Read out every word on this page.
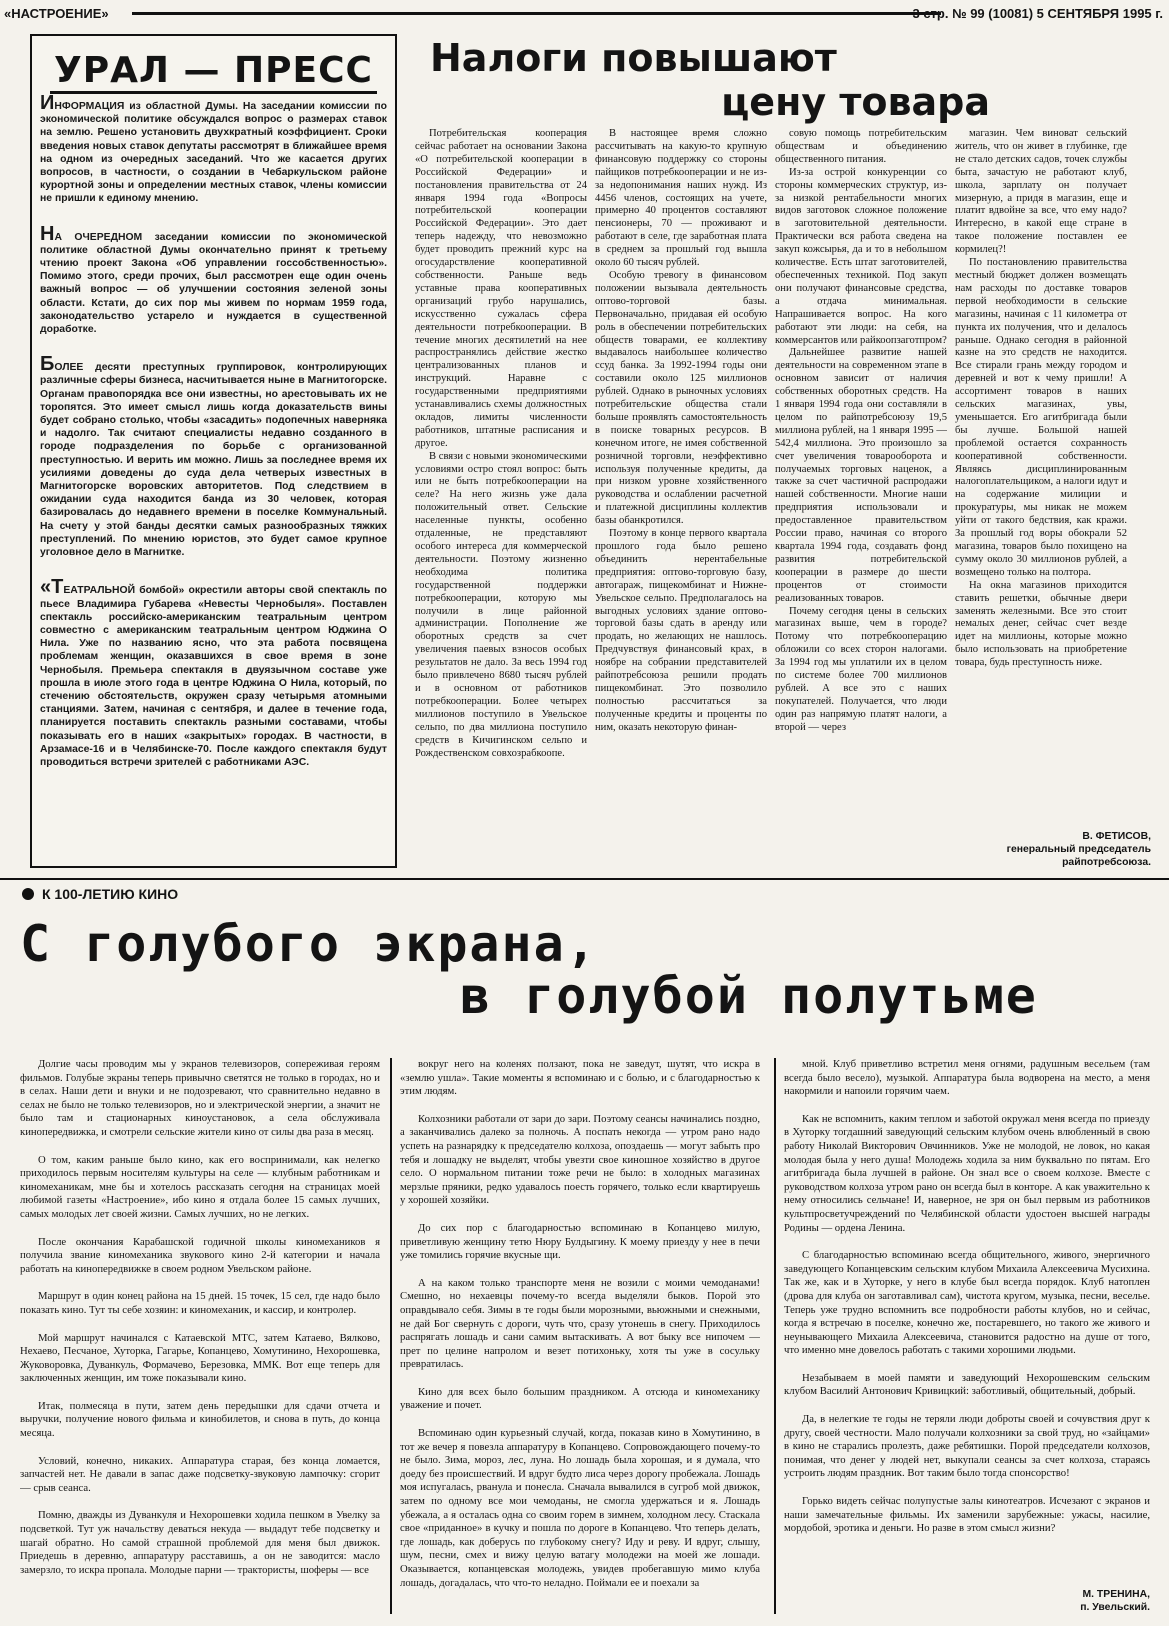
«НАСТРОЕНИЕ»	3 стр. № 99 (10081) 5 СЕНТЯБРЯ 1995 г.
УРАЛ — ПРЕСС

ИНФОРМАЦИЯ из областной Думы. На заседании комиссии по экономической политике обсуждался вопрос о размерах ставок на землю. Решено установить двухкратный коэффициент. Сроки введения новых ставок депутаты рассмотрят в ближайшее время на одном из очередных заседаний. Что же касается других вопросов, в частности, о создании в Чебаркульском районе курортной зоны и определении местных ставок, члены комиссии не пришли к единому мнению.

НА ОЧЕРЕДНОМ заседании комиссии по экономической политике областной Думы окончательно принят к третьему чтению проект Закона «Об управлении госсобственностью». Помимо этого, среди прочих, был рассмотрен еще один очень важный вопрос — об улучшении состояния зеленой зоны области. Кстати, до сих пор мы живем по нормам 1959 года, законодательство устарело и нуждается в существенной доработке.

БОЛЕЕ десяти преступных группировок, контролирующих различные сферы бизнеса, насчитывается ныне в Магнитогорске. Органам правопорядка все они известны, но арестовывать их не торопятся. Это имеет смысл лишь когда доказательств вины будет собрано столько, чтобы «засадить» подопечных наверняка и надолго. Так считают специалисты недавно созданного в городе подразделения по борьбе с организованной преступностью. И верить им можно. Лишь за последнее время их усилиями доведены до суда дела четверых известных в Магнитогорске воровских авторитетов. Под следствием в ожидании суда находится банда из 30 человек, которая базировалась до недавнего времени в поселке Коммунальный. На счету у этой банды десятки самых разнообразных тяжких преступлений. По мнению юристов, это будет самое крупное уголовное дело в Магнитке.

«ТЕАТРАЛЬНОЙ бомбой» окрестили авторы свой спектакль по пьесе Владимира Губарева «Невесты Чернобыля». Поставлен спектакль российско-американским театральным центром совместно с американским театральным центром Юджина О Нила. Уже по названию ясно, что эта работа посвящена проблемам женщин, оказавшихся в свое время в зоне Чернобыля. Премьера спектакля в двуязычном составе уже прошла в июле этого года в центре Юджина О Нила, который, по стечению обстоятельств, окружен сразу четырьмя атомными станциями. Затем, начиная с сентября, и далее в течение года, планируется поставить спектакль разными составами, чтобы показывать его в наших «закрытых» городах. В частности, в Арзамасе-16 и в Челябинске-70. После каждого спектакля будут проводиться встречи зрителей с работниками АЭС.

Налоги повышают
цену товара

Потребительская кооперация сейчас работает на основании Закона «О потребительской кооперации в Российской Федерации» и постановления правительства от 24 января 1994 года «Вопросы потребительской кооперации Российской Федерации». Это дает теперь надежду, что невозможно будет проводить прежний курс на огосударствление кооперативной собственности. Раньше ведь уставные права кооперативных организаций грубо нарушались, искусственно сужалась сфера деятельности потребкооперации. В течение многих десятилетий на нее распространялись действие жестко централизованных планов и инструкций. Наравне с государственными предприятиями устанавливались схемы должностных окладов, лимиты численности работников, штатные расписания и другое.

В связи с новыми экономическими условиями остро стоял вопрос: быть или не быть потребкооперации на селе? На него жизнь уже дала положительный ответ. Сельские населенные пункты, особенно отдаленные, не представляют особого интереса для коммерческой деятельности. Поэтому жизненно необходима политика государственной поддержки потребкооперации, которую мы получили в лице районной администрации. Пополнение же оборотных средств за счет увеличения паевых взносов особых результатов не дало. За весь 1994 год было привлечено 8680 тысяч рублей и в основном от работников потребкооперации. Более четырех миллионов поступило в Увельское сельпо, по два миллиона поступило средств в Кичигинском сельпо и Рождественском совхозрабкоопе.

В настоящее время сложно рассчитывать на какую-то крупную финансовую поддержку со стороны пайщиков потребкооперации и не из-за недопонимания наших нужд. Из 4456 членов, состоящих на учете, примерно 40 процентов составляют пенсионеры, 70 — проживают и работают в селе, где заработная плата в среднем за прошлый год вышла около 60 тысяч рублей.

Особую тревогу в финансовом положении вызывала деятельность оптово-торговой базы. Первоначально, придавая ей особую роль в обеспечении потребительских обществ товарами, ее коллективу выдавалось наибольшее количество ссуд банка. За 1992-1994 годы они составили около 125 миллионов рублей. Однако в рыночных условиях потребительские общества стали больше проявлять самостоятельность в поиске товарных ресурсов. В конечном итоге, не имея собственной розничной торговли, неэффективно используя полученные кредиты, да при низком уровне хозяйственного руководства и ослаблении расчетной и платежной дисциплины коллектив базы обанкротился.

Поэтому в конце первого квартала прошлого года было решено объединить нерентабельные предприятия: оптово-торговую базу, автогараж, пищекомбинат и Нижне-Увельское сельпо. Предполагалось на выгодных условиях здание оптово-торговой базы сдать в аренду или продать, но желающих не нашлось. Предчувствуя финансовый крах, в ноябре на собрании представителей райпотребсоюза решили продать пищекомбинат. Это позволило полностью рассчитаться за полученные кредиты и проценты по ним, оказать некоторую финан-

совую помощь потребительским обществам и объединению общественного питания.

Из-за острой конкуренции со стороны коммерческих структур, из-за низкой рентабельности многих видов заготовок сложное положение в заготовительной деятельности. Практически вся работа сведена на закуп кожсырья, да и то в небольшом количестве. Есть штат заготовителей, обеспеченных техникой. Под закуп они получают финансовые средства, а отдача минимальная. Напрашивается вопрос. На кого работают эти люди: на себя, на коммерсантов или райкоопзаготпром?

Дальнейшее развитие нашей деятельности на современном этапе в основном зависит от наличия собственных оборотных средств. На 1 января 1994 года они составляли в целом по райпотребсоюзу 19,5 миллиона рублей, на 1 января 1995 — 542,4 миллиона. Это произошло за счет увеличения товарооборота и получаемых торговых наценок, а также за счет частичной распродажи нашей собственности. Многие наши предприятия использовали и предоставленное правительством России право, начиная со второго квартала 1994 года, создавать фонд развития потребительской кооперации в размере до шести процентов от стоимости реализованных товаров.

Почему сегодня цены в сельских магазинах выше, чем в городе? Потому что потребкооперацию обложили со всех сторон налогами. За 1994 год мы уплатили их в целом по системе более 700 миллионов рублей. А все это с наших покупателей. Получается, что люди один раз напрямую платят налоги, а второй — через

магазин. Чем виноват сельский житель, что он живет в глубинке, где не стало детских садов, точек службы быта, зачастую не работают клуб, школа, зарплату он получает мизерную, а придя в магазин, еще и платит вдвойне за все, что ему надо? Интересно, в какой еще стране в такое положение поставлен ее кормилец?!

По постановлению правительства местный бюджет должен возмещать нам расходы по доставке товаров первой необходимости в сельские магазины, начиная с 11 километра от пункта их получения, что и делалось раньше. Однако сегодня в районной казне на это средств не находится. Все стирали грань между городом и деревней и вот к чему пришли! А ассортимент товаров в наших сельских магазинах, увы, уменьшается. Его агитбригада были бы лучше. Большой нашей проблемой остается сохранность кооперативной собственности. Являясь дисциплинированным налогоплательщиком, а налоги идут и на содержание милиции и прокуратуры, мы никак не можем уйти от такого бедствия, как кражи. За прошлый год воры обокрали 52 магазина, товаров было похищено на сумму около 30 миллионов рублей, а возмещено только на полтора.

На окна магазинов приходится ставить решетки, обычные двери заменять железными. Все это стоит немалых денег, сейчас счет везде идет на миллионы, которые можно было использовать на приобретение товара, будь преступность ниже.

В. ФЕТИСОВ,
генеральный председатель райпотребсоюза.
К 100-ЛЕТИЮ КИНО
С голубого экрана,
в голубой полутьме

Долгие часы проводим мы у экранов телевизоров, сопереживая героям фильмов. Голубые экраны теперь привычно светятся не только в городах, но и в селах. Наши дети и внуки и не подозревают, что сравнительно недавно в селах не было не только телевизоров, но и электрической энергии, а значит не было там и стационарных киноустановок, а села обслуживала кинопередвижка, и смотрели сельские жители кино от силы два раза в месяц.

О том, каким раньше было кино, как его воспринимали, как нелегко приходилось первым носителям культуры на селе — клубным работникам и киномеханикам, мне бы и хотелось рассказать сегодня на страницах моей любимой газеты «Настроение», ибо кино я отдала более 15 самых лучших, самых молодых лет своей жизни. Самых лучших, но не легких.

После окончания Карабашской годичной школы киномехаников я получила звание киномеханика звукового кино 2-й категории и начала работать на кинопередвижке в своем родном Увельском районе.

Маршрут в один конец района на 15 дней. 15 точек, 15 сел, где надо было показать кино. Тут ты себе хозяин: и киномеханик, и кассир, и контролер.

Мой маршрут начинался с Катаевской МТС, затем Катаево, Вялково, Нехаево, Песчаное, Хуторка, Гагарье, Копанцево, Хомутинино, Нехорошевка, Жуковоровка, Дуванкуль, Формачево, Березовка, ММК. Вот еще теперь для заключенных женщин, им тоже показывали кино.

Итак, полмесяца в пути, затем день передышки для сдачи отчета и выручки, получение нового фильма и кинобилетов, и снова в путь, до конца месяца.

Условий, конечно, никаких. Аппаратура старая, без конца ломается, запчастей нет. Не давали в запас даже подсветку-звуковую лампочку: сгорит — срыв сеанса.

Помню, дважды из Дуванкуля и Нехорошевки ходила пешком в Увелку за подсветкой. Тут уж начальству деваться некуда — выдадут тебе подсветку и шагай обратно. Но самой страшной проблемой для меня был движок. Приедешь в деревню, аппаратуру расставишь, а он не заводится: масло замерзло, то искра пропала. Молодые парни — трактористы, шоферы — все

вокруг него на коленях ползают, пока не заведут, шутят, что искра в «землю ушла». Такие моменты я вспоминаю и с болью, и с благодарностью к этим людям.

Колхозники работали от зари до зари. Поэтому сеансы начинались поздно, а заканчивались далеко за полночь. А поспать некогда — утром рано надо успеть на разнарядку к председателю колхоза, опоздаешь — могут забыть про тебя и лошадку не выделят, чтобы увезти свое киношное хозяйство в другое село. О нормальном питании тоже речи не было: в холодных магазинах мерзлые пряники, редко удавалось поесть горячего, только если квартируешь у хорошей хозяйки.

До сих пор с благодарностью вспоминаю в Копанцево милую, приветливую женщину тетю Нюру Булдыгину. К моему приезду у нее в печи уже томились горячие вкусные щи.

А на каком только транспорте меня не возили с моими чемоданами! Смешно, но нехаевцы почему-то всегда выделяли быков. Порой это оправдывало себя. Зимы в те годы были морозными, вьюжными и снежными, не дай Бог свернуть с дороги, чуть что, сразу утонешь в снегу. Приходилось распрягать лошадь и сани самим вытаскивать. А вот быку все нипочем — прет по целине напролом и везет потихоньку, хотя ты уже в сосульку превратилась.

Кино для всех было большим праздником. А отсюда и киномеханику уважение и почет.

Вспоминаю один курьезный случай, когда, показав кино в Хомутинино, в тот же вечер я повезла аппаратуру в Копанцево. Сопровождающего почему-то не было. Зима, мороз, лес, луна. Но лошадь была хорошая, и я думала, что доеду без происшествий. И вдруг будто лиса через дорогу пробежала. Лошадь моя испугалась, рванула и понесла. Сначала вывалился в сугроб мой движок, затем по одному все мои чемоданы, не смогла удержаться и я. Лошадь убежала, а я осталась одна со своим горем в зимнем, холодном лесу. Стаскала свое «приданное» в кучку и пошла по дороге в Копанцево. Что теперь делать, где лошадь, как доберусь по глубокому снегу? Иду и реву. И вдруг, слышу, шум, песни, смех и вижу целую ватагу молодежи на моей же лошади. Оказывается, копанцевская молодежь, увидев пробегавшую мимо клуба лошадь, догадалась, что что-то неладно. Поймали ее и поехали за

мной. Клуб приветливо встретил меня огнями, радушным весельем (там всегда было весело), музыкой. Аппаратура была водворена на место, а меня накормили и напоили горячим чаем.

Как не вспомнить, каким теплом и заботой окружал меня всегда по приезду в Хуторку тогдашний заведующий сельским клубом очень влюбленный в свою работу Николай Викторович Овчинников. Уже не молодой, не ловок, но какая молодая была у него душа! Молодежь ходила за ним буквально по пятам. Его агитбригада была лучшей в районе. Он знал все о своем колхозе. Вместе с руководством колхоза утром рано он всегда был в конторе. А как уважительно к нему относились сельчане! И, наверное, не зря он был первым из работников культпросветучреждений по Челябинской области удостоен высшей награды Родины — ордена Ленина.

С благодарностью вспоминаю всегда общительного, живого, энергичного заведующего Копанцевским сельским клубом Михаила Алексеевича Мусихина. Так же, как и в Хуторке, у него в клубе был всегда порядок. Клуб натоплен (дрова для клуба он заготавливал сам), чистота кругом, музыка, песни, веселье. Теперь уже трудно вспомнить все подробности работы клубов, но и сейчас, когда я встречаю в поселке, конечно же, постаревшего, но такого же живого и неунывающего Михаила Алексеевича, становится радостно на душе от того, что именно мне довелось работать с такими хорошими людьми.

Незабываем в моей памяти и заведующий Нехорошевским сельским клубом Василий Антонович Кривицкий: заботливый, общительный, добрый.

Да, в нелегкие те годы не теряли люди доброты своей и сочувствия друг к другу, своей честности. Мало получали колхозники за свой труд, но «зайцами» в кино не старались пролезть, даже ребятишки. Порой председатели колхозов, понимая, что денег у людей нет, выкупали сеансы за счет колхоза, стараясь устроить людям праздник. Вот таким было тогда спонсорство!

Горько видеть сейчас полупустые залы кинотеатров. Исчезают с экранов и наши замечательные фильмы. Их заменили зарубежные: ужасы, насилие, мордобой, эротика и деньги. Но разве в этом смысл жизни?

М. ТРЕНИНА,
п. Увельский.
